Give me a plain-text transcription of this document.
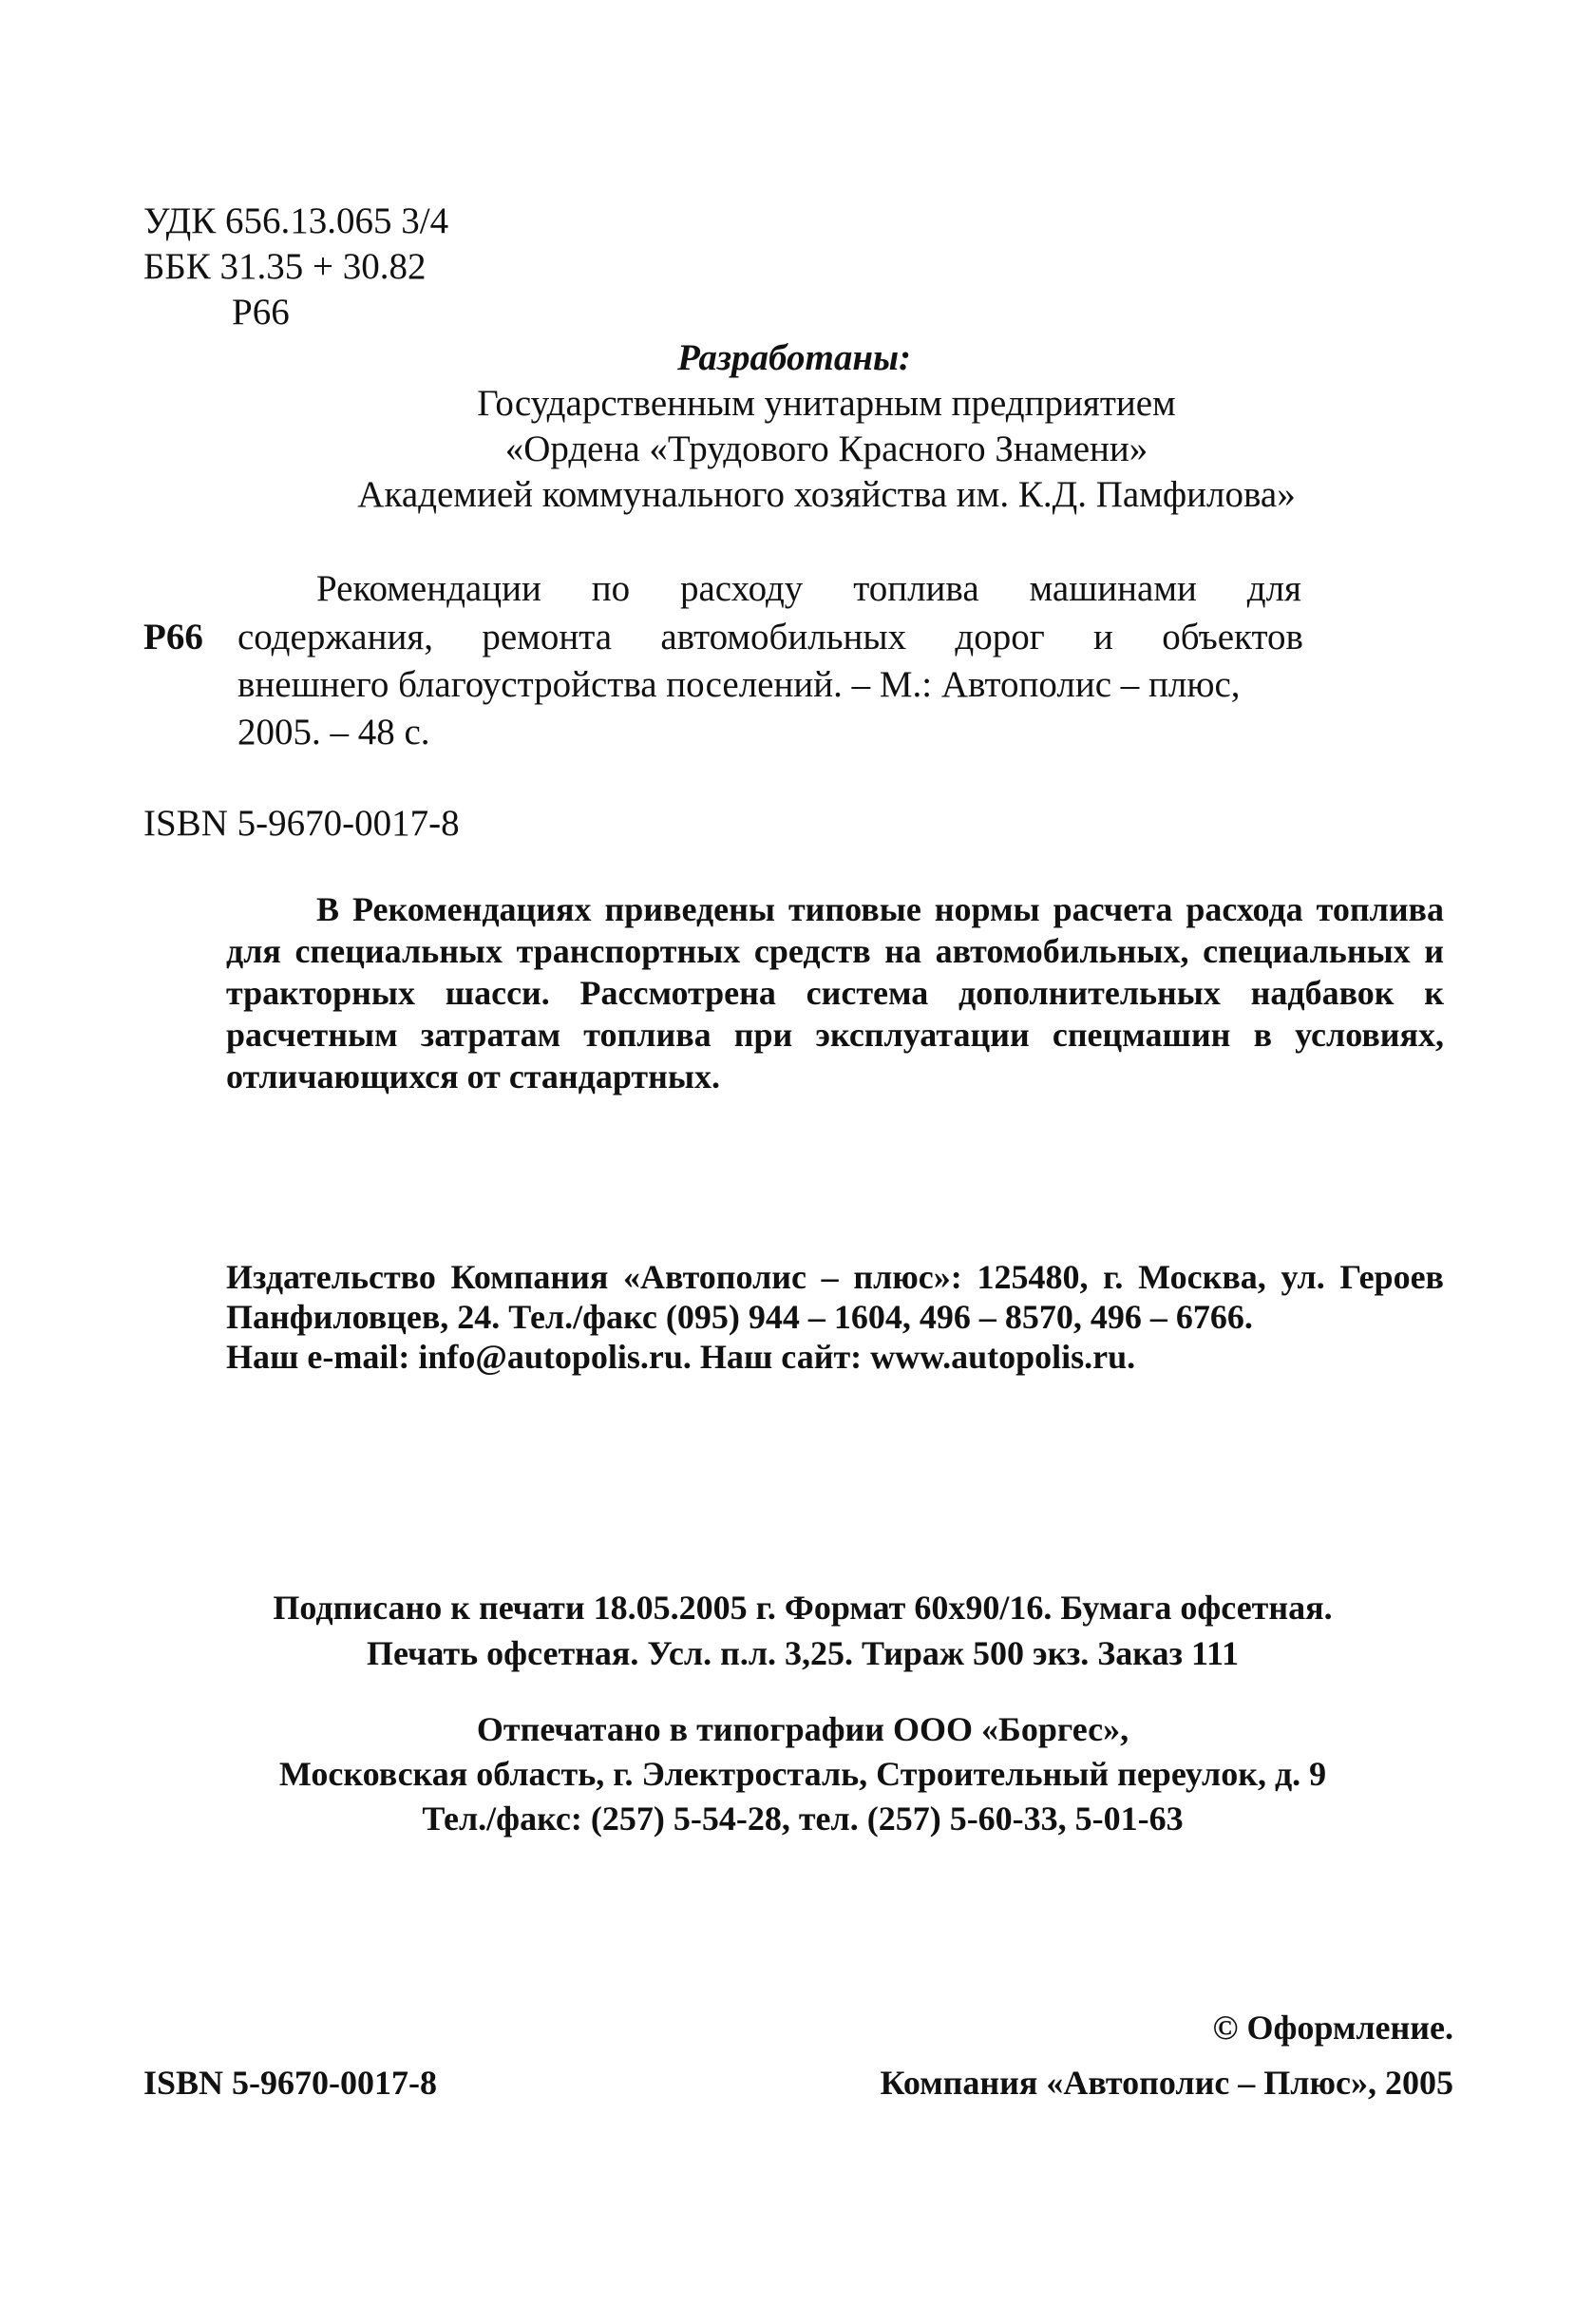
УДК 656.13.065 3/4
ББК 31.35 + 30.82
Р66
Разработаны:
Государственным унитарным предприятием
«Ордена «Трудового Красного Знамени»
Академией коммунального хозяйства им. К.Д. Памфилова»
Рекомендации по расходу топлива машинами для
Р66 содержания, ремонта автомобильных дорог и объектов
внешнего благоустройства поселений. – М.: Автополис – плюс,
2005. – 48 с.
ISBN 5-9670-0017-8

В Рекомендациях приведены типовые нормы расчета расхода топлива для специальных транспортных средств на автомобильных, специальных и тракторных шасси. Рассмотрена система дополнительных надбавок к расчетным затратам топлива при эксплуатации спецмашин в условиях, отличающихся от стандартных.

Издательство Компания «Автополис – плюс»: 125480, г. Москва, ул. Героев Панфиловцев, 24. Тел./факс (095) 944 – 1604, 496 – 8570, 496 – 6766.

Наш e-mail: info@autopolis.ru. Наш сайт: www.autopolis.ru.

Подписано к печати 18.05.2005 г. Формат 60х90/16. Бумага офсетная.
Печать офсетная. Усл. п.л. 3,25. Тираж 500 экз. Заказ 111
Отпечатано в типографии ООО «Боргес»,
Московская область, г. Электросталь, Строительный переулок, д. 9
Тел./факс: (257) 5-54-28, тел. (257) 5-60-33, 5-01-63
ISBN 5-9670-0017-8
© Оформление.
Компания «Автополис – Плюс», 2005
